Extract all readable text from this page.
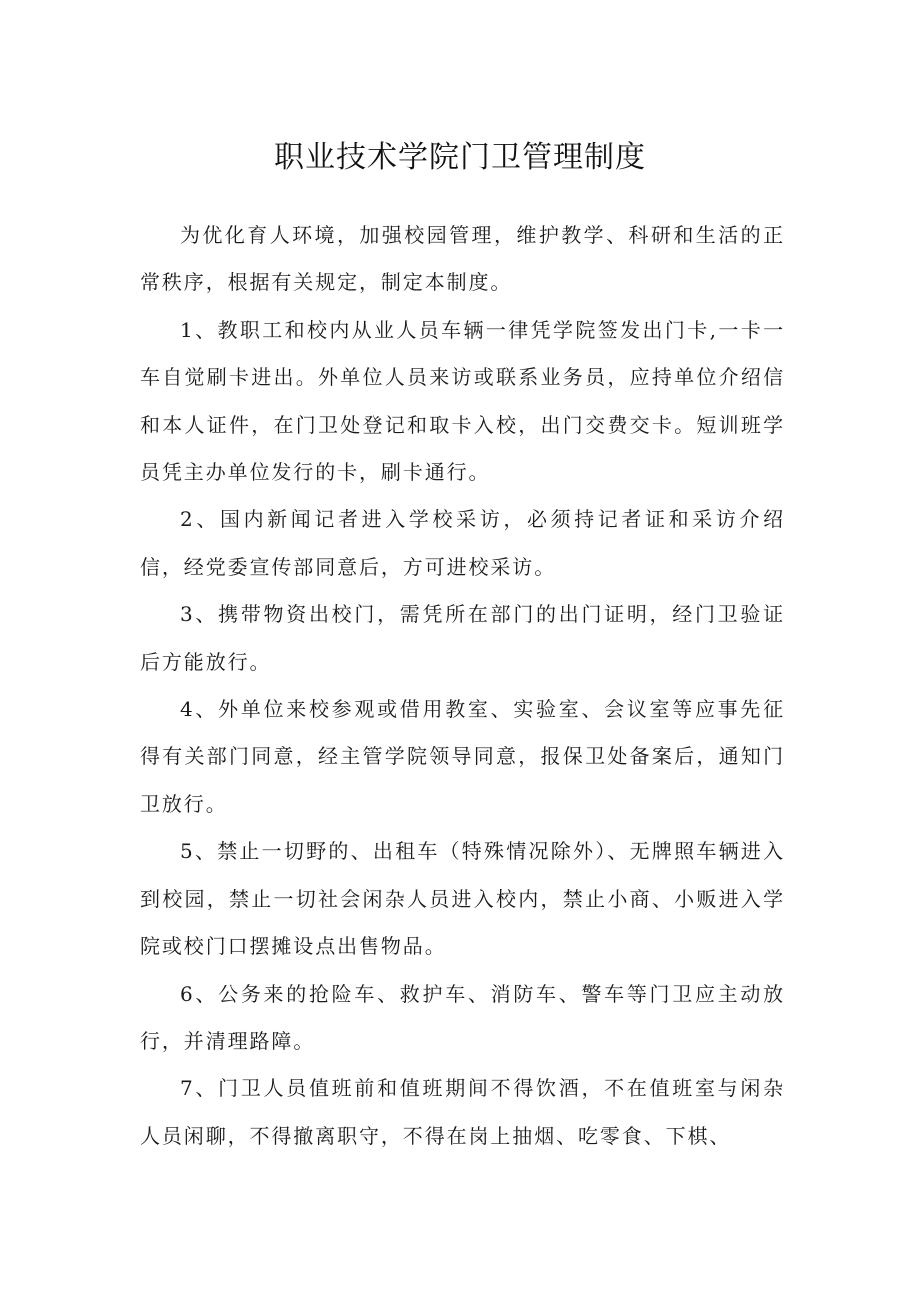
职业技术学院门卫管理制度

为优化育人环境，加强校园管理，维护教学、科研和生活的正常秩序，根据有关规定，制定本制度。

1、教职工和校内从业人员车辆一律凭学院签发出门卡,一卡一车自觉刷卡进出。外单位人员来访或联系业务员，应持单位介绍信和本人证件，在门卫处登记和取卡入校，出门交费交卡。短训班学员凭主办单位发行的卡，刷卡通行。

2、国内新闻记者进入学校采访，必须持记者证和采访介绍信，经党委宣传部同意后，方可进校采访。

3、携带物资出校门，需凭所在部门的出门证明，经门卫验证后方能放行。

4、外单位来校参观或借用教室、实验室、会议室等应事先征得有关部门同意，经主管学院领导同意，报保卫处备案后，通知门卫放行。

5、禁止一切野的、出租车（特殊情况除外）、无牌照车辆进入到校园，禁止一切社会闲杂人员进入校内，禁止小商、小贩进入学院或校门口摆摊设点出售物品。

6、公务来的抢险车、救护车、消防车、警车等门卫应主动放行，并清理路障。

7、门卫人员值班前和值班期间不得饮酒，不在值班室与闲杂人员闲聊，不得撤离职守，不得在岗上抽烟、吃零食、下棋、
